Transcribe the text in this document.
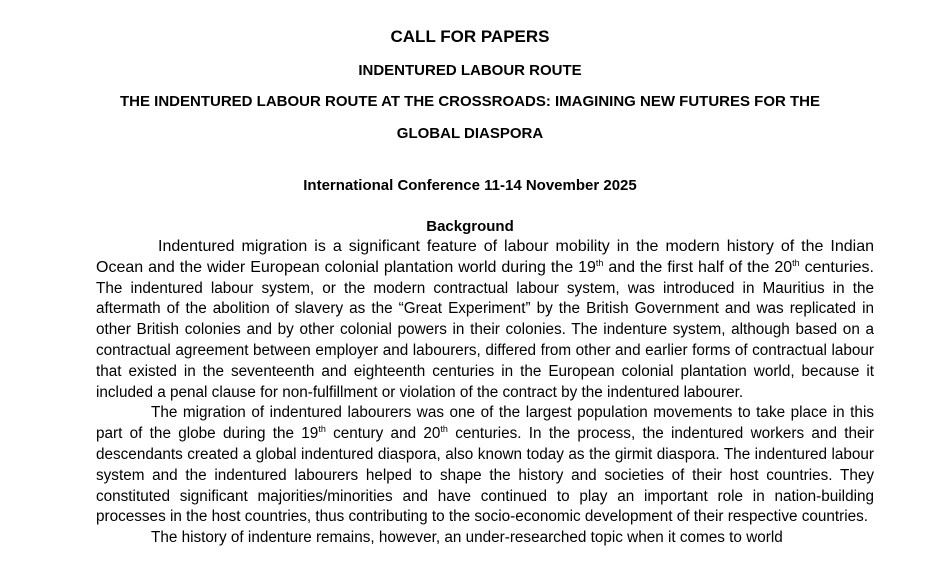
CALL FOR PAPERS
INDENTURED LABOUR ROUTE
THE INDENTURED LABOUR ROUTE AT THE CROSSROADS: IMAGINING NEW FUTURES FOR THE
GLOBAL DIASPORA
International Conference 11-14 November 2025
Background

Indentured migration is a significant feature of labour mobility in the modern history of the Indian Ocean and the wider European colonial plantation world during the 19th and the first half of the 20th centuries. The indentured labour system, or the modern contractual labour system, was introduced in Mauritius in the aftermath of the abolition of slavery as the “Great Experiment” by the British Government and was replicated in other British colonies and by other colonial powers in their colonies. The indenture system, although based on a contractual agreement between employer and labourers, differed from other and earlier forms of contractual labour that existed in the seventeenth and eighteenth centuries in the European colonial plantation world, because it included a penal clause for non-fulfillment or violation of the contract by the indentured labourer.

The migration of indentured labourers was one of the largest population movements to take place in this part of the globe during the 19th century and 20th centuries. In the process, the indentured workers and their descendants created a global indentured diaspora, also known today as the girmit diaspora. The indentured labour system and the indentured labourers helped to shape the history and societies of their host countries. They constituted significant majorities/minorities and have continued to play an important role in nation-building processes in the host countries, thus contributing to the socio-economic development of their respective countries.

The history of indenture remains, however, an under-researched topic when it comes to world
